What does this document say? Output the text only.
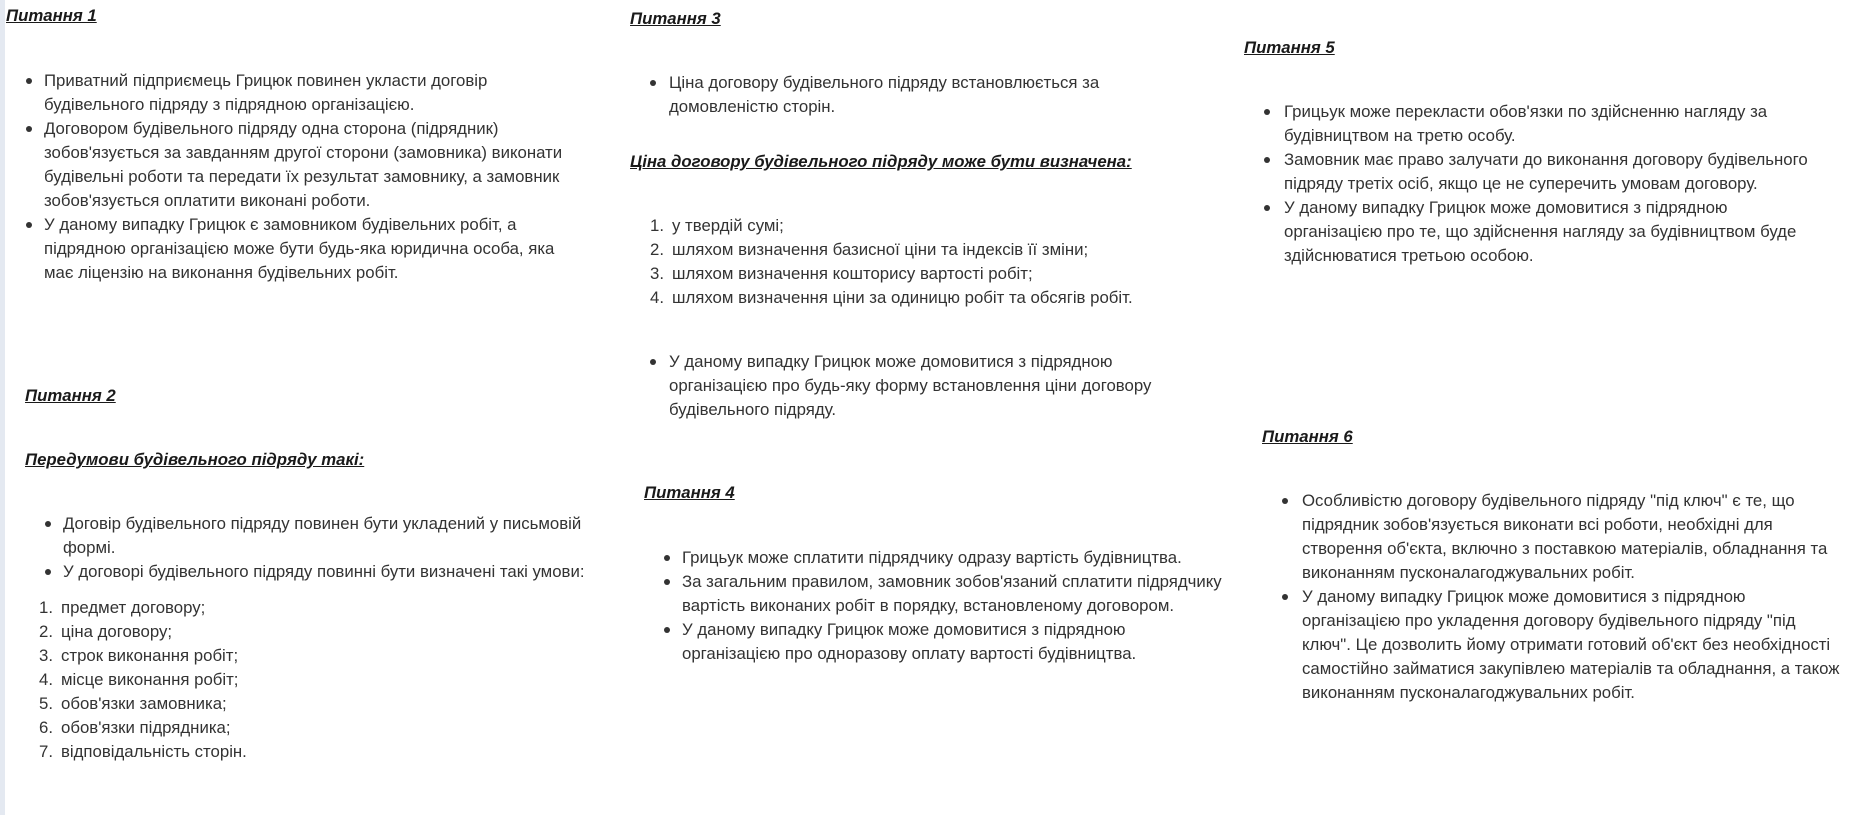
Питання 1

Приватний підприємець Грицюк повинен укласти договір будівельного підряду з підрядною організацією.
Договором будівельного підряду одна сторона (підрядник) зобов'язується за завданням другої сторони (замовника) виконати будівельні роботи та передати їх результат замовнику, а замовник зобов'язується оплатити виконані роботи.
У даному випадку Грицюк є замовником будівельних робіт, а підрядною організацією може бути будь-яка юридична особа, яка має ліцензію на виконання будівельних робіт.

Питання 2

Передумови будівельного підряду такі:

Договір будівельного підряду повинен бути укладений у письмовій формі.
У договорі будівельного підряду повинні бути визначені такі умови:
1. предмет договору;
2. ціна договору;
3. строк виконання робіт;
4. місце виконання робіт;
5. обов'язки замовника;
6. обов'язки підрядника;
7. відповідальність сторін.

Питання 3

Ціна договору будівельного підряду встановлюється за домовленістю сторін.

Ціна договору будівельного підряду може бути визначена:

1. у твердій сумі;
2. шляхом визначення базисної ціни та індексів її зміни;
3. шляхом визначення кошторису вартості робіт;
4. шляхом визначення ціни за одиницю робіт та обсягів робіт.
У даному випадку Грицюк може домовитися з підрядною організацією про будь-яку форму встановлення ціни договору будівельного підряду.

Питання 4

Грицьук може сплатити підрядчику одразу вартість будівництва.
За загальним правилом, замовник зобов'язаний сплатити підрядчику вартість виконаних робіт в порядку, встановленому договором.
У даному випадку Грицюк може домовитися з підрядною організацією про одноразову оплату вартості будівництва.

Питання 5

Грицьук може перекласти обов'язки по здійсненню нагляду за будівництвом на третю особу.
Замовник має право залучати до виконання договору будівельного підряду третіх осіб, якщо це не суперечить умовам договору.
У даному випадку Грицюк може домовитися з підрядною організацією про те, що здійснення нагляду за будівництвом буде здійснюватися третьою особою.

Питання 6

Особливістю договору будівельного підряду "під ключ" є те, що підрядник зобов'язується виконати всі роботи, необхідні для створення об'єкта, включно з поставкою матеріалів, обладнання та виконанням пусконалагоджувальних робіт.
У даному випадку Грицюк може домовитися з підрядною організацією про укладення договору будівельного підряду "під ключ". Це дозволить йому отримати готовий об'єкт без необхідності самостійно займатися закупівлею матеріалів та обладнання, а також виконанням пусконалагоджувальних робіт.
